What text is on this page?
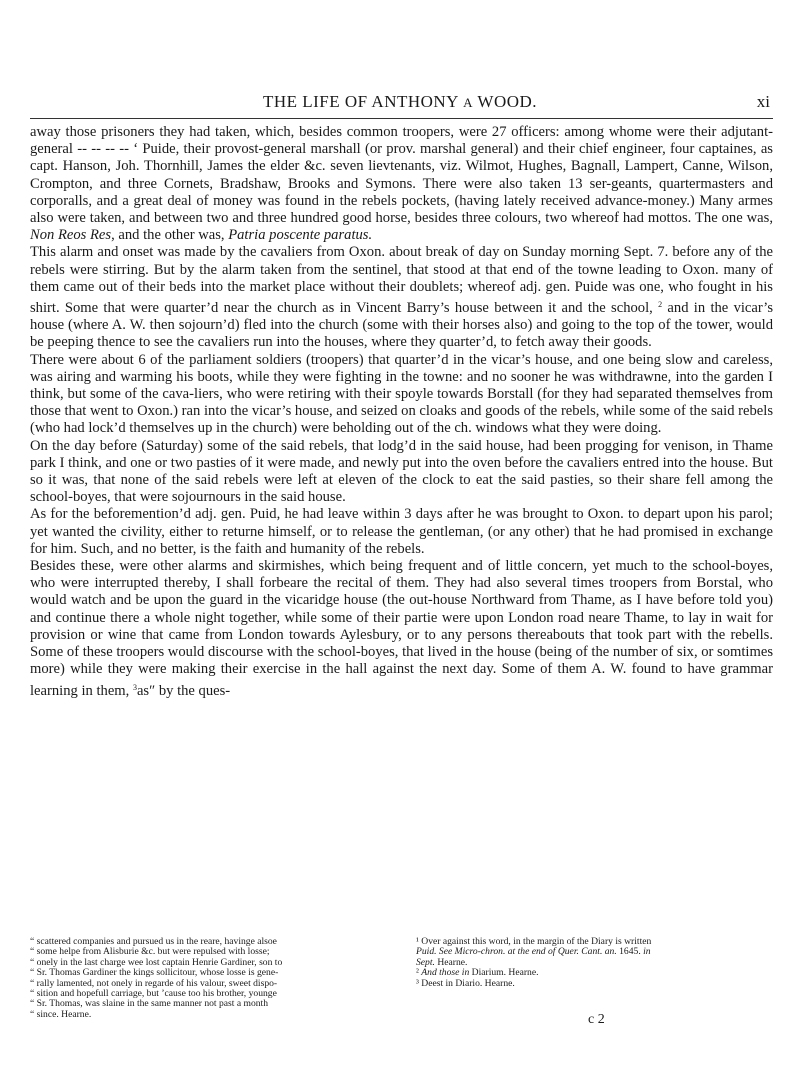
THE LIFE OF ANTHONY A WOOD.	xi

away those prisoners they had taken, which, besides common troopers, were 27 officers: among whome were their adjutant-general -- -- -- -- ‘ Puide, their provost-general marshall (or prov. marshal general) and their chief engineer, four captaines, as capt. Hanson, Joh. Thornhill, James the elder &c. seven lievtenants, viz. Wilmot, Hughes, Bagnall, Lampert, Canne, Wilson, Crompton, and three Cornets, Bradshaw, Brooks and Symons. There were also taken 13 ser-geants, quartermasters and corporalls, and a great deal of money was found in the rebels pockets, (having lately received advance-money.) Many armes also were taken, and between two and three hundred good horse, besides three colours, two whereof had mottos. The one was, Non Reos Res, and the other was, Patria poscente paratus.

This alarm and onset was made by the cavaliers from Oxon. about break of day on Sunday morning Sept. 7. before any of the rebels were stirring. But by the alarm taken from the sentinel, that stood at that end of the towne leading to Oxon. many of them came out of their beds into the market place without their doublets; whereof adj. gen. Puide was one, who fought in his shirt. Some that were quarter’d near the church as in Vincent Barry’s house between it and the school, $^2$ and in the vicar’s house (where A. W. then sojourn’d) fled into the church (some with their horses also) and going to the top of the tower, would be peeping thence to see the cavaliers run into the houses, where they quarter’d, to fetch away their goods.

There were about 6 of the parliament soldiers (troopers) that quarter’d in the vicar’s house, and one being slow and careless, was airing and warming his boots, while they were fighting in the towne: and no sooner he was withdrawne, into the garden I think, but some of the cava-liers, who were retiring with their spoyle towards Borstall (for they had separated themselves from those that went to Oxon.) ran into the vicar’s house, and seized on cloaks and goods of the rebels, while some of the said rebels (who had lock’d themselves up in the church) were beholding out of the ch. windows what they were doing.

On the day before (Saturday) some of the said rebels, that lodg’d in the said house, had been progging for venison, in Thame park I think, and one or two pasties of it were made, and newly put into the oven before the cavaliers entred into the house. But so it was, that none of the said rebels were left at eleven of the clock to eat the said pasties, so their share fell among the school-boyes, that were sojournours in the said house.

As for the beforemention’d adj. gen. Puid, he had leave within 3 days after he was brought to Oxon. to depart upon his parol; yet wanted the civility, either to returne himself, or to release the gentleman, (or any other) that he had promised in exchange for him. Such, and no better, is the faith and humanity of the rebels.

Besides these, were other alarms and skirmishes, which being frequent and of little concern, yet much to the school-boyes, who were interrupted thereby, I shall forbeare the recital of them. They had also several times troopers from Borstal, who would watch and be upon the guard in the vicaridge house (the out-house Northward from Thame, as I have before told you) and continue there a whole night together, while some of their partie were upon London road neare Thame, to lay in wait for provision or wine that came from London towards Aylesbury, or to any persons thereabouts that took part with the rebells. Some of these troopers would discourse with the school-boyes, that lived in the house (being of the number of six, or somtimes more) while they were making their exercise in the hall against the next day. Some of them A. W. found to have grammar learning in them, $^3$as″ by the ques-

“ scattered companies and pursued us in the reare, havinge alsoe
“ some helpe from Alisburie &c. but were repulsed with losse;
“ onely in the last charge wee lost captain Henrie Gardiner, son to
“ Sr. Thomas Gardiner the kings sollicitour, whose losse is gene-
“ rally lamented, not onely in regarde of his valour, sweet dispo-
“ sition and hopefull carriage, but ’cause too his brother, younge
“ Sr. Thomas, was slaine in the same manner not past a month
“ since. Hearne.
¹ Over against this word, in the margin of the Diary is written
Puid. See Micro-chron. at the end of Quer. Cant. an. 1645. in
Sept. Hearne.
² And those in Diarium. Hearne.
³ Deest in Diario. Hearne.
c 2
